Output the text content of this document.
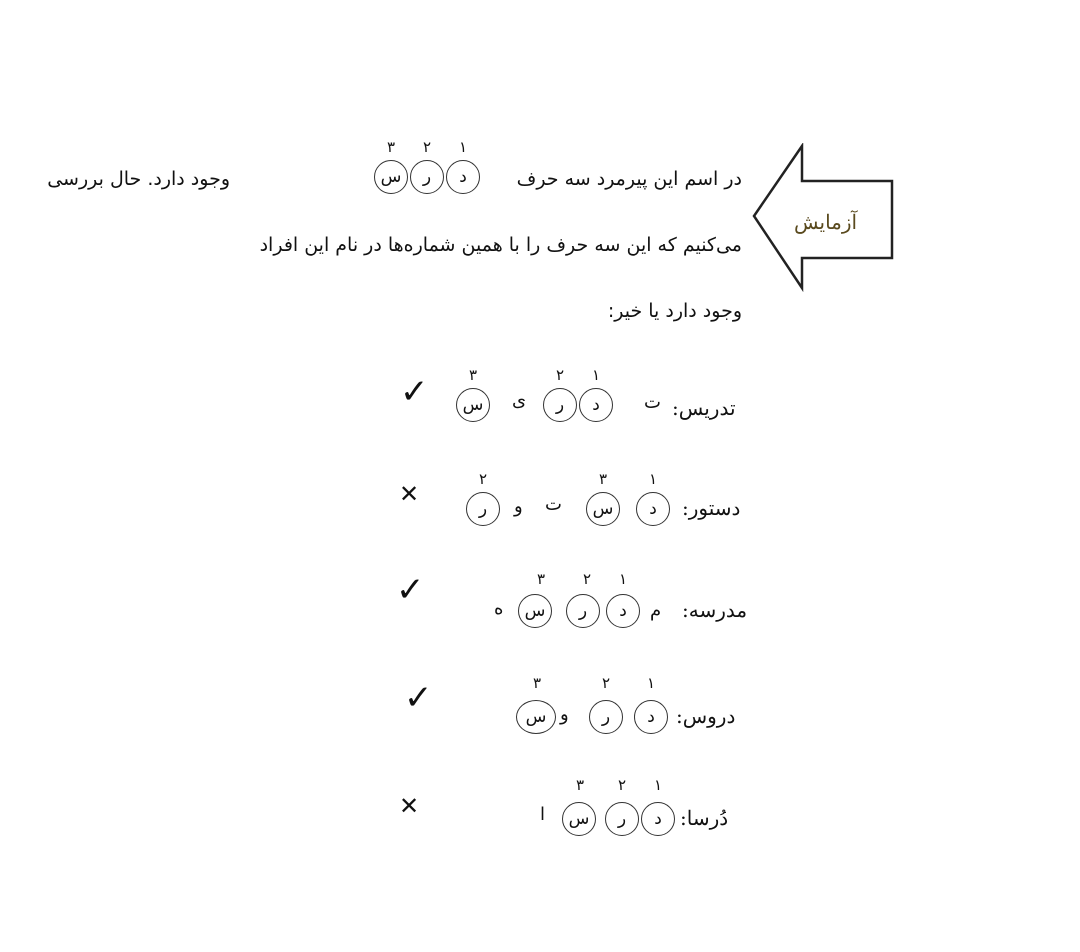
آزمایش
در اسم این پیرمرد سه حرف
وجود دارد. حال بررسی
۱
۲
۳
د
ر
س
می‌کنیم که این سه حرف را با همین شماره‌ها در نام این افراد
وجود دارد یا خیر:
تدریس:
ت
۱
۲
۳
د
ر
ی
س
✓
دستور:
۱
۳
۲
د
س
ت
و
ر
✕
مدرسه:
م
۱
۲
۳
د
ر
س
ه
✓
دروس:
۱
۲
۳
د
ر
و
س
✓
دُرسا:
۱
۲
۳
د
ر
س
ا
✕
